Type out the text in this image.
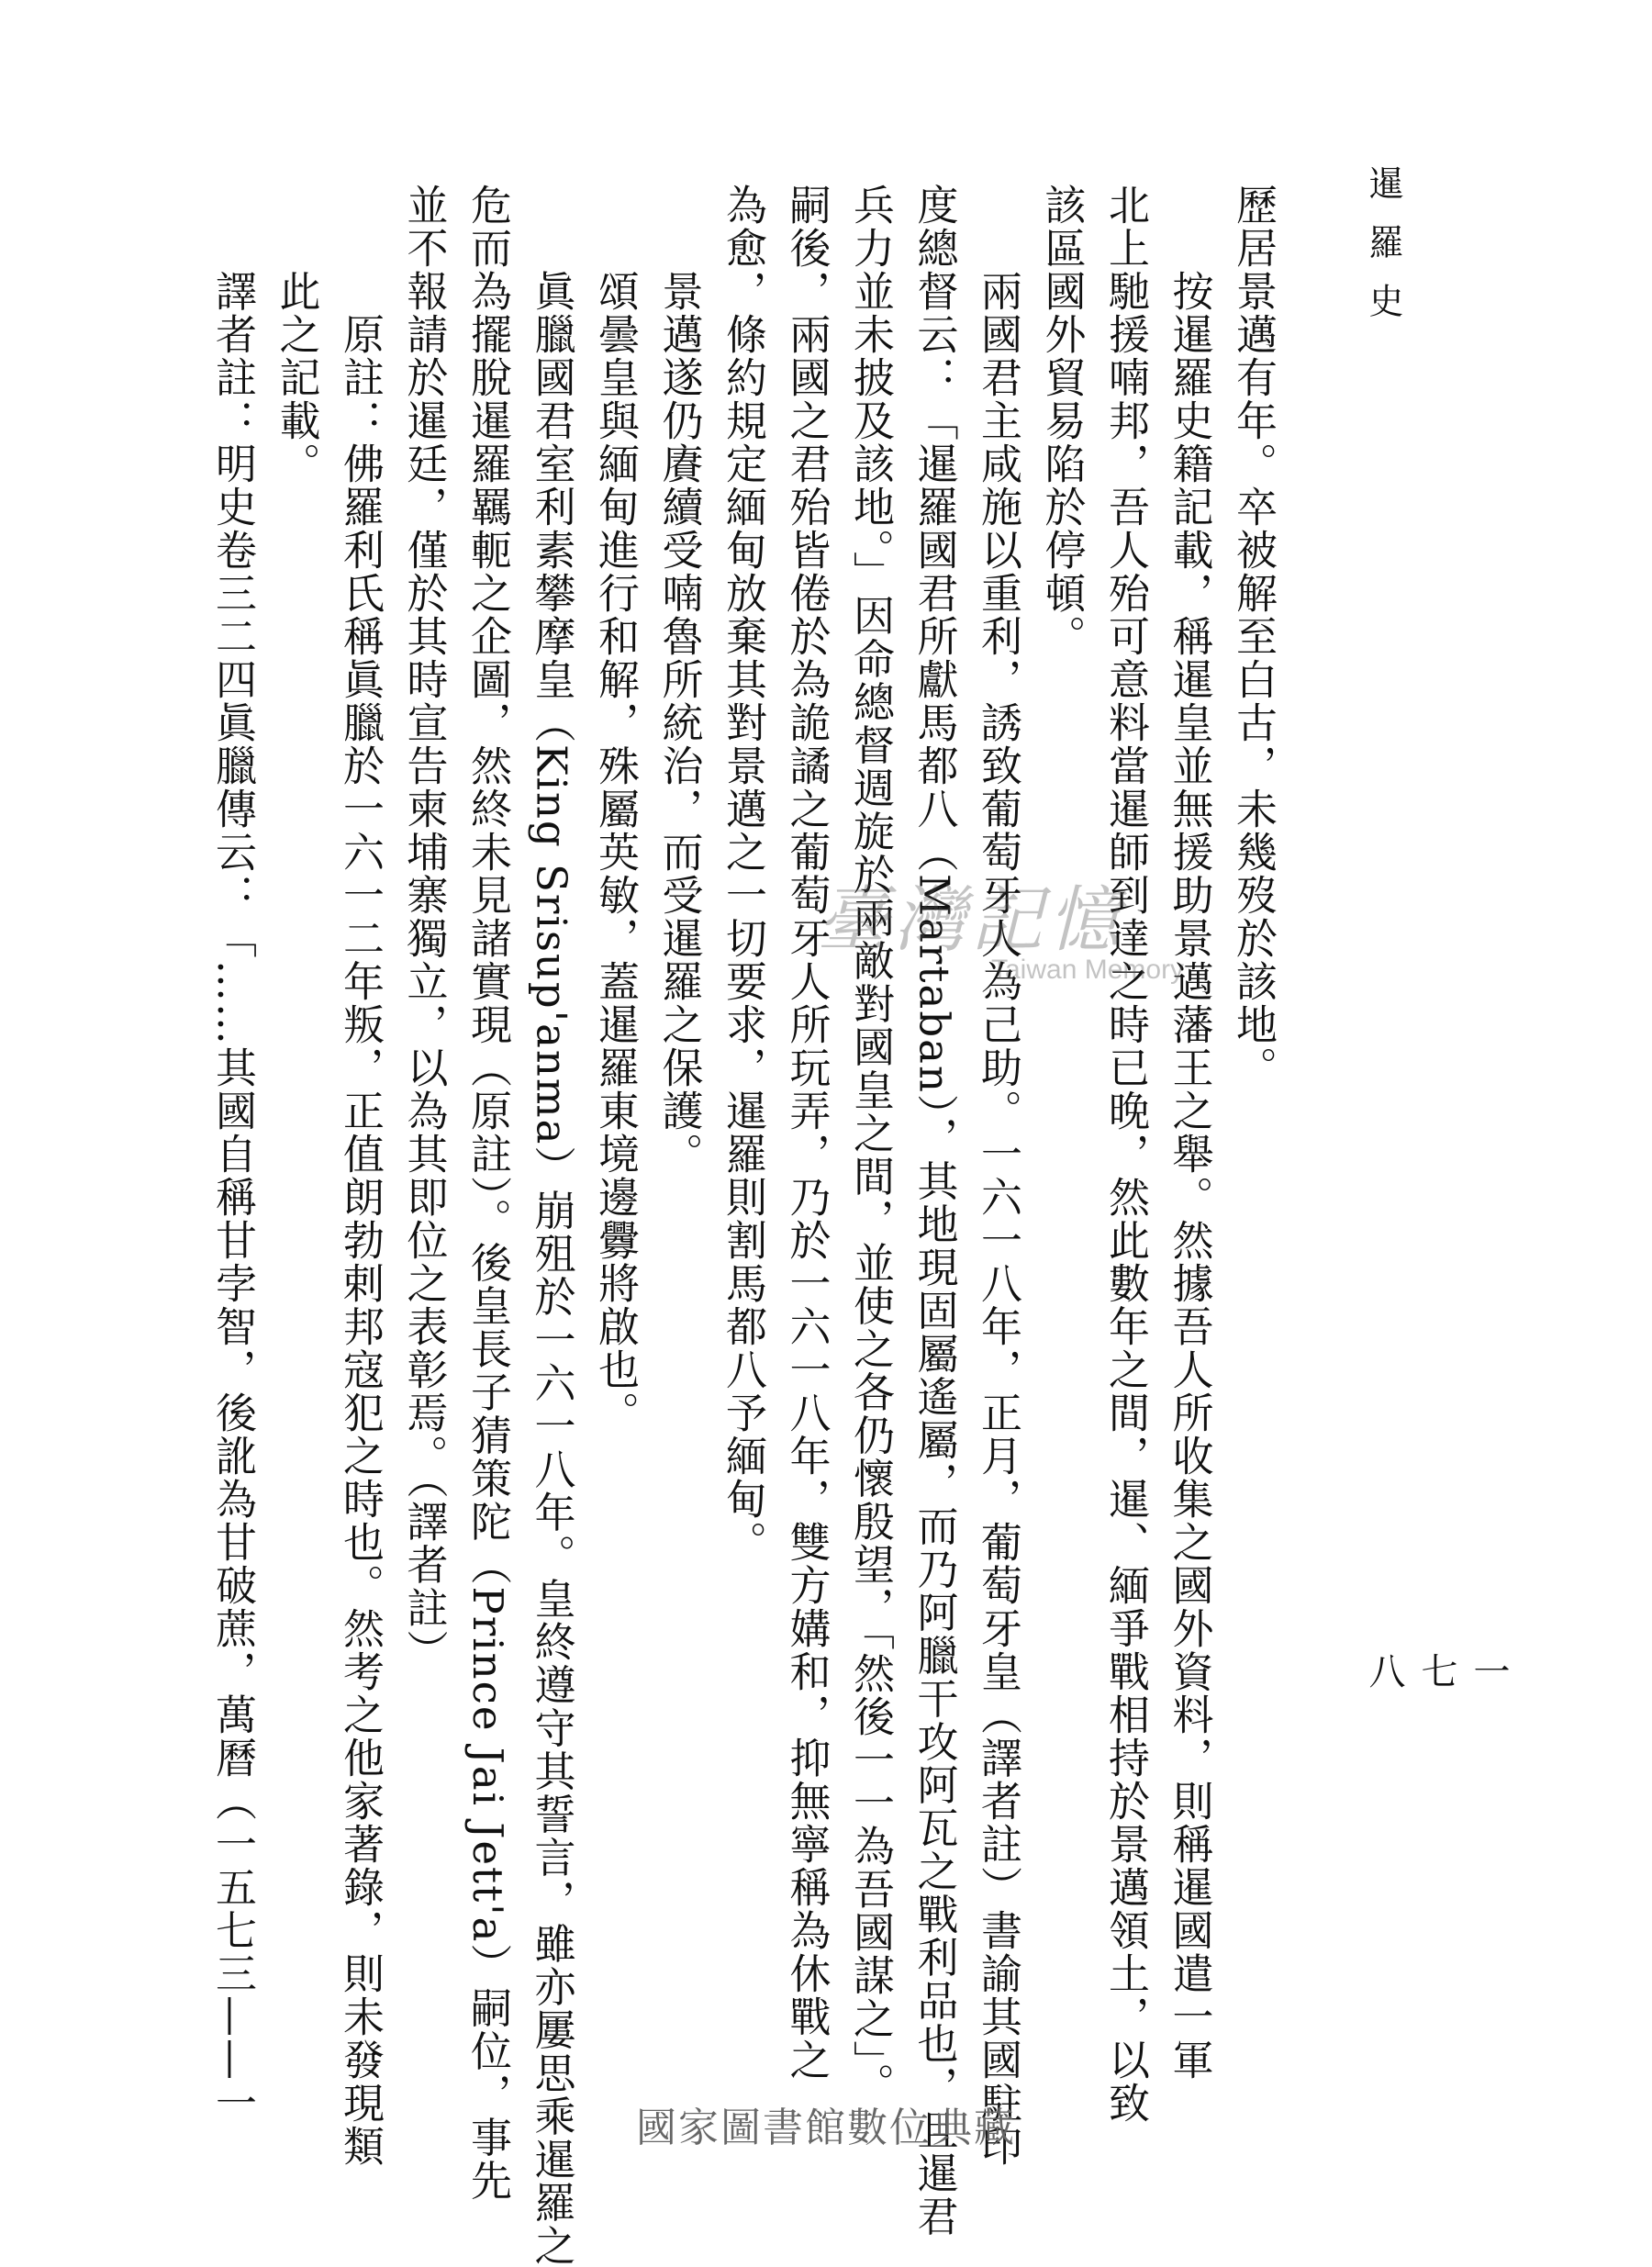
暹羅史
一七八
歷居景邁有年。卒被解至白古，未幾歿於該地。
按暹羅史籍記載，稱暹皇並無援助景邁藩王之舉。然據吾人所收集之國外資料，則稱暹國遣一軍
北上馳援喃邦，吾人殆可意料當暹師到達之時已晚，然此數年之間，暹、緬爭戰相持於景邁領土，以致
該區國外貿易陷於停頓。
兩國君主咸施以重利，誘致葡萄牙人為己助。一六一八年，正月，葡萄牙皇（譯者註）書諭其國駐印
度總督云：「暹羅國君所獻馬都八（Martaban），其地現固屬遙屬，而乃阿臘干攻阿瓦之戰利品也，且暹君
兵力並未披及該地。」因命總督週旋於兩敵對國皇之間，並使之各仍懷殷望，「然後一一為吾國謀之」。
嗣後，兩國之君殆皆倦於為詭譎之葡萄牙人所玩弄，乃於一六一八年，雙方媾和，抑無寧稱為休戰之
為愈，條約規定緬甸放棄其對景邁之一切要求，暹羅則割馬都八予緬甸。
景邁遂仍賡續受喃魯所統治，而受暹羅之保護。
頌曇皇與緬甸進行和解，殊屬英敏，蓋暹羅東境邊釁將啟也。
眞臘國君室利素攀摩皇（King Srisup'anma）崩殂於一六一八年。皇終遵守其誓言，雖亦屢思乘暹羅之
危而為擺脫暹羅羈軛之企圖，然終未見諸實現（原註）。後皇長子猜策陀（Prince Jai Jett'a）嗣位，事先
並不報請於暹廷，僅於其時宣告柬埔寨獨立，以為其即位之表彰焉。（譯者註）
原註：佛羅利氏稱眞臘於一六一二年叛，正值朗勃剌邦寇犯之時也。然考之他家著錄，則未發現類
此之記載。
譯者註：明史卷三二四眞臘傳云：「……其國自稱甘孛智，後訛為甘破蔗，萬曆（一五七三——一	臺灣記憶
Taiwan Memory
國家圖書館數位典藏
